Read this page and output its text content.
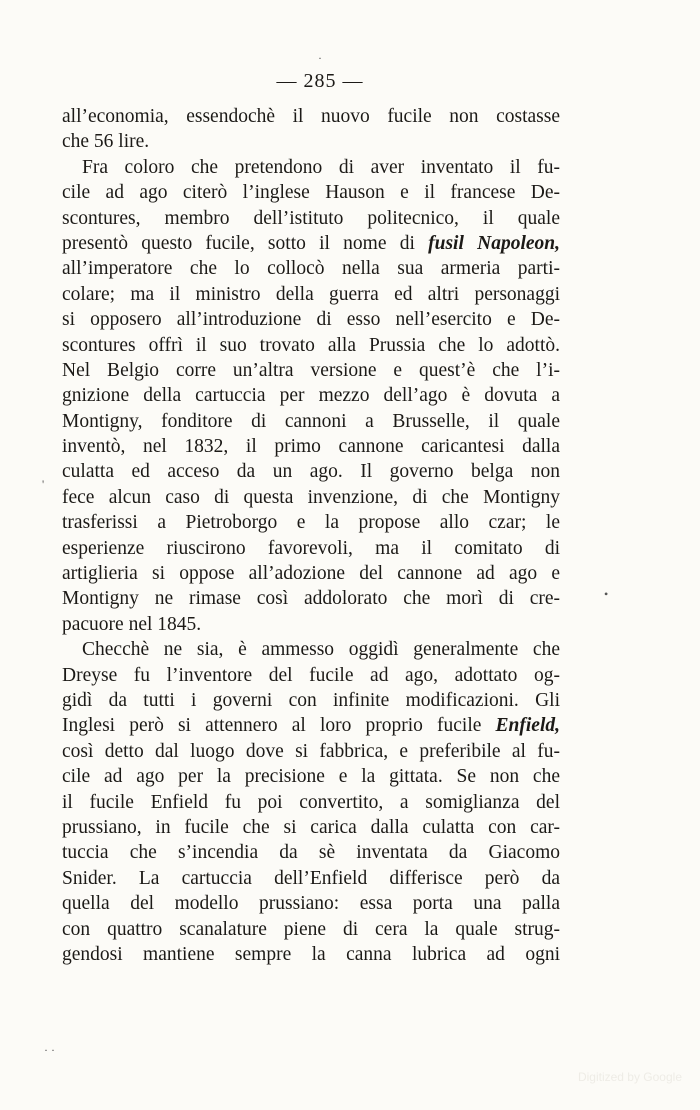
·
— 285 —
all’economia, essendochè il nuovo fucile non costasse
che 56 lire.
Fra coloro che pretendono di aver inventato il fu-
cile ad ago citerò l’inglese Hauson e il francese De-
scontures, membro dell’istituto politecnico, il quale
presentò questo fucile, sotto il nome di fusil Napoleon,
all’imperatore che lo collocò nella sua armeria parti-
colare; ma il ministro della guerra ed altri personaggi
si opposero all’introduzione di esso nell’esercito e De-
scontures offrì il suo trovato alla Prussia che lo adottò.
Nel Belgio corre un’altra versione e quest’è che l’i-
gnizione della cartuccia per mezzo dell’ago è dovuta a
Montigny, fonditore di cannoni a Brusselle, il quale
inventò, nel 1832, il primo cannone caricantesi dalla
culatta ed acceso da un ago. Il governo belga non
fece alcun caso di questa invenzione, di che Montigny
trasferissi a Pietroborgo e la propose allo czar; le
esperienze riuscirono favorevoli, ma il comitato di
artiglieria si oppose all’adozione del cannone ad ago e
Montigny ne rimase così addolorato che morì di cre-
pacuore nel 1845.
Checchè ne sia, è ammesso oggidì generalmente che
Dreyse fu l’inventore del fucile ad ago, adottato og-
gidì da tutti i governi con infinite modificazioni. Gli
Inglesi però si attennero al loro proprio fucile Enfield,
così detto dal luogo dove si fabbrica, e preferibile al fu-
cile ad ago per la precisione e la gittata. Se non che
il fucile Enfield fu poi convertito, a somiglianza del
prussiano, in fucile che si carica dalla culatta con car-
tuccia che s’incendia da sè inventata da Giacomo
Snider. La cartuccia dell’Enfield differisce però da
quella del modello prussiano: essa porta una palla
con quattro scanalature piene di cera la quale strug-
gendosi mantiene sempre la canna lubrica ad ogni
'
•
· ·
Digitized by Google
